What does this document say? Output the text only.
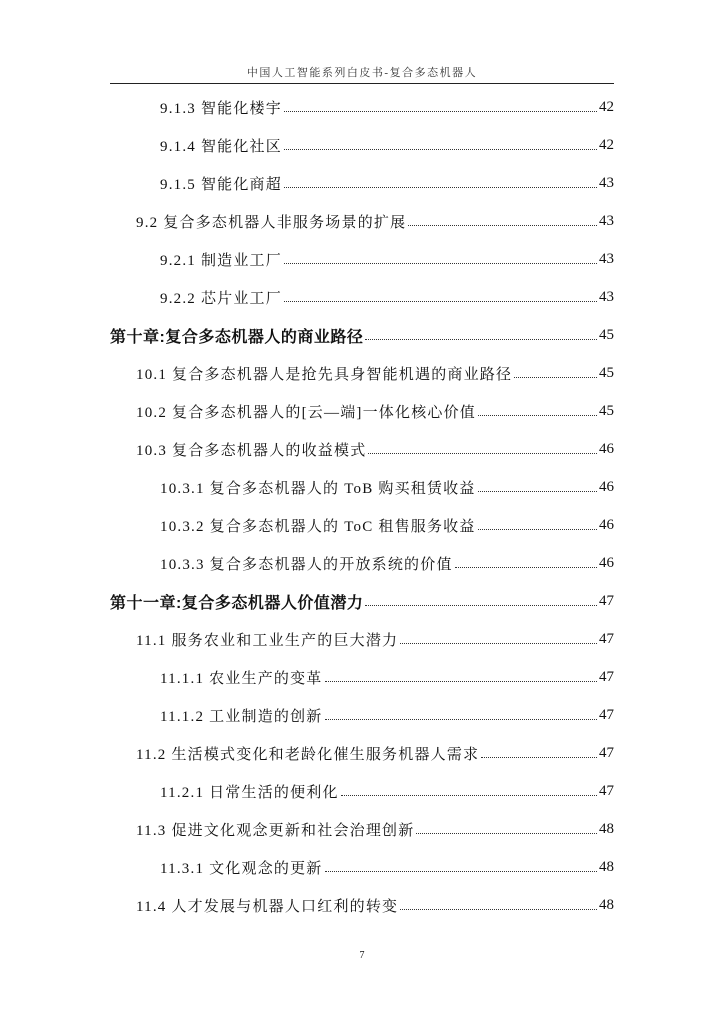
中国人工智能系列白皮书-复合多态机器人
9.1.3 智能化楼宇	42
9.1.4 智能化社区	42
9.1.5 智能化商超	43
9.2 复合多态机器人非服务场景的扩展	43
9.2.1 制造业工厂	43
9.2.2 芯片业工厂	43
第十章:复合多态机器人的商业路径	45
10.1 复合多态机器人是抢先具身智能机遇的商业路径	45
10.2 复合多态机器人的[云—端]一体化核心价值	45
10.3 复合多态机器人的收益模式	46
10.3.1 复合多态机器人的 ToB 购买租赁收益	46
10.3.2 复合多态机器人的 ToC 租售服务收益	46
10.3.3 复合多态机器人的开放系统的价值	46
第十一章:复合多态机器人价值潜力	47
11.1 服务农业和工业生产的巨大潜力	47
11.1.1 农业生产的变革	47
11.1.2 工业制造的创新	47
11.2 生活模式变化和老龄化催生服务机器人需求	47
11.2.1 日常生活的便利化	47
11.3 促进文化观念更新和社会治理创新	48
11.3.1 文化观念的更新	48
11.4 人才发展与机器人口红利的转变	48
7
